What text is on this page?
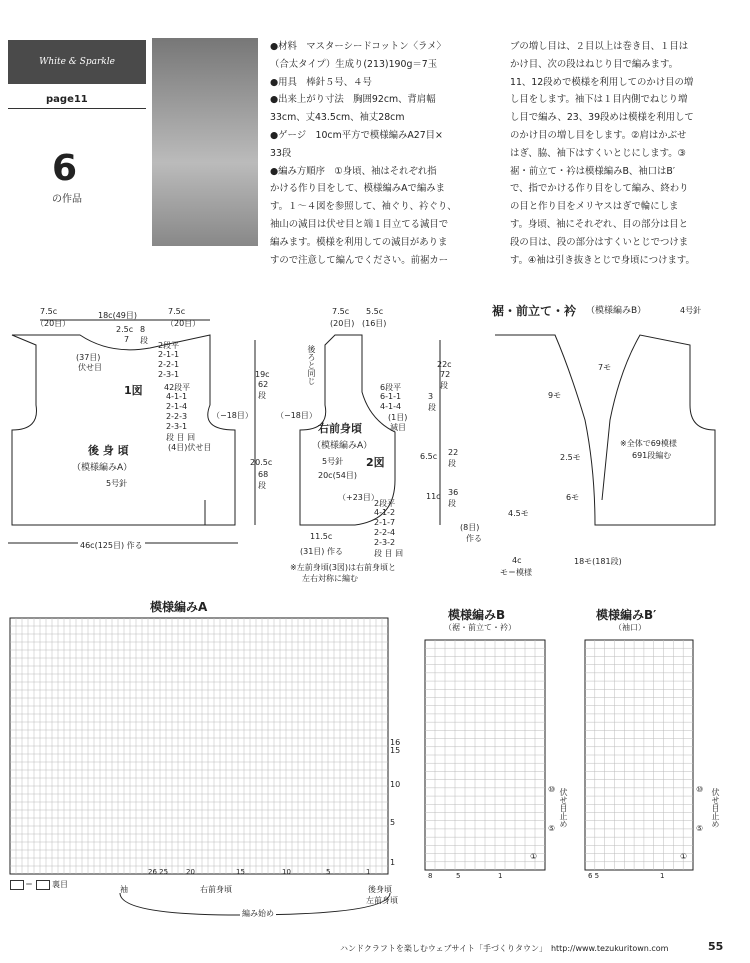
White & Sparkle
page11
6
の作品

●材料　マスターシードコットン〈ラメ〉

（合太タイプ）生成り(213)190g＝7玉

●用具　棒針５号、４号

●出来上がり寸法　胸囲92cm、背肩幅

33cm、丈43.5cm、袖丈28cm

●ゲージ　10cm平方で模様編みA27目×

33段

●編み方順序　①身頃、袖はそれぞれ指

かける作り目をして、模様編みAで編みま

す。１～４図を参照して、袖ぐり、衿ぐり、

袖山の減目は伏せ目と端１目立てる減目で

編みます。模様を利用しての減目がありま

すので注意して編んでください。前裾カー

ブの増し目は、２目以上は巻き目、１目は

かけ目、次の段はねじり目で編みます。

11、12段めで模様を利用してのかけ目の増

し目をします。袖下は１目内側でねじり増

し目で編み、23、39段めは模様を利用して

のかけ目の増し目をします。②肩はかぶせ

はぎ、脇、袖下はすくいとじにします。③

裾・前立て・衿は模様編みB、袖口はB′

で、指でかける作り目をして編み、終わり

の目と作り目をメリヤスはぎで輪にしま

す。身頃、袖にそれぞれ、目の部分は目と

段の目は、段の部分はすくいとじでつけま

す。④袖は引き抜きとじで身頃につけます。

7.5c
（20目）
18c(49目)	7.5c
（20目）
2.5c 8
段
7
(37目)
伏せ目
2段平
2-1-1
2-2-1
2-3-1
1図	42段平
4-1-1
2-1-4
2-2-3
2-3-1
段 目 回
(4目)伏せ目
（−18目）
後 身 頃
（模様編みA）
5号針
46c(125目) 作る
19c
62
段
20.5c
68
段
7.5c
(20目)
5.5c
(16目)
後ろと同じ
（−18目）
6段平
6-1-1
4-1-4
(1目)
減目
3
段
右前身頃
（模様編みA）
5号針 2図
20c(54目)
（+23目）
2段平
4-1-2
2-1-7
2-2-4
2-3-2
段 目 回
11.5c
(31目) 作る
22c
72
段
6.5c 22
段
11c 36
段
※左前身頃(3図)は右前身頃と
左右対称に編む
裾・前立て・衿 （模様編みB）	4号針
7モ
9モ
2.5モ
6モ
4.5モ
4c
モ＝模様
18モ(181段)
(8目)
作る
※全体で69模様
691段編む
模様編みA
16
15
10
5
1
26 25	20	15	10	5	1
＝ 裏目
袖	右前身頃	後身頃
左前身頃
編み始め
模様編みB
（裾・前立て・衿）
伏せ目止め
⑩
⑤
①
8	5	1
模様編みB′
（袖口）
伏せ目止め
⑩
⑤
①
6 5	1
ハンドクラフトを楽しむウェブサイト「手づくりタウン」　http://www.tezukuritown.com	55
